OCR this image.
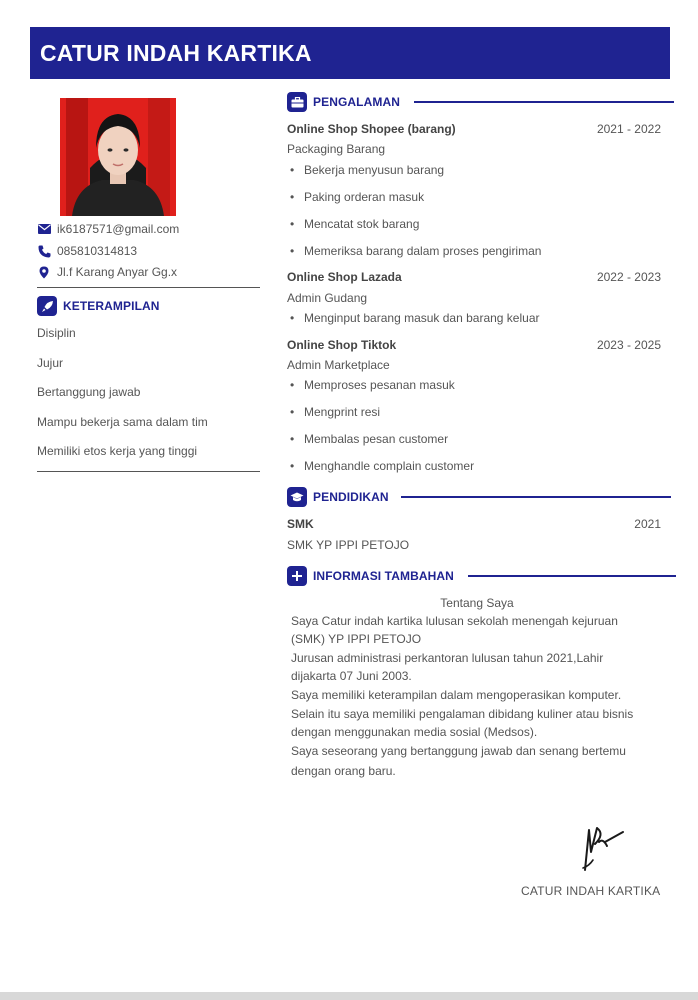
CATUR INDAH KARTIKA
ik6187571@gmail.com
085810314813
Jl.f Karang Anyar Gg.x
KETERAMPILAN
Disiplin
Jujur
Bertanggung jawab
Mampu bekerja sama dalam tim
Memiliki etos kerja yang tinggi
PENGALAMAN
Online Shop Shopee (barang)	2021 - 2022
Packaging Barang
• Bekerja menyusun barang
• Paking orderan masuk
• Mencatat stok barang
• Memeriksa barang dalam proses pengiriman
Online Shop Lazada	2022 - 2023
Admin Gudang
• Menginput barang masuk dan barang keluar
Online Shop Tiktok	2023 - 2025
Admin Marketplace
• Memproses pesanan masuk
• Mengprint resi
• Membalas pesan customer
• Menghandle complain customer
PENDIDIKAN
SMK	2021
SMK YP IPPI PETOJO
INFORMASI TAMBAHAN
Tentang Saya
Saya Catur indah kartika lulusan sekolah menengah kejuruan
(SMK) YP IPPI PETOJO
Jurusan administrasi perkantoran lulusan tahun 2021,Lahir
dijakarta 07 Juni 2003.
Saya memiliki keterampilan dalam mengoperasikan komputer.
Selain itu saya memiliki pengalaman dibidang kuliner atau bisnis
dengan menggunakan media sosial (Medsos).
Saya seseorang yang bertanggung jawab dan senang bertemu
dengan orang baru.
CATUR INDAH KARTIKA
